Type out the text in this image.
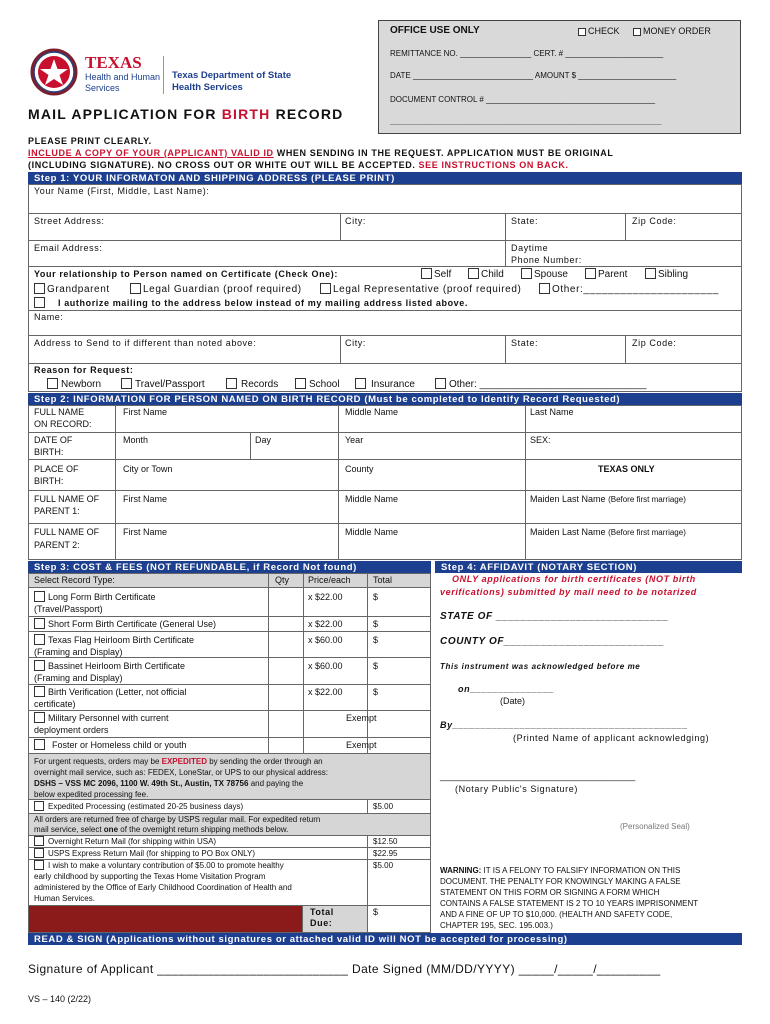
OFFICE USE ONLY	CHECK	MONEY ORDER
REMITTANCE NO. ________________ CERT. # ______________________
DATE ___________________________ AMOUNT $ ______________________
DOCUMENT CONTROL # ______________________________________
_____________________________________________________________
TEXAS
Health and Human
Services
Texas Department of State
Health Services
MAIL APPLICATION FOR BIRTH RECORD
PLEASE PRINT CLEARLY.
INCLUDE A COPY OF YOUR (APPLICANT) VALID ID WHEN SENDING IN THE REQUEST. APPLICATION MUST BE ORIGINAL
(INCLUDING SIGNATURE). NO CROSS OUT OR WHITE OUT WILL BE ACCEPTED. SEE INSTRUCTIONS ON BACK.
Step 1: YOUR INFORMATON AND SHIPPING ADDRESS (PLEASE PRINT)
Your Name (First, Middle, Last Name):
Street Address:	City:	State:	Zip Code:
Email Address:	Daytime
Phone Number:
Your relationship to Person named on Certificate (Check One):	Self	Child	Spouse	Parent	Sibling
Grandparent	Legal Guardian (proof required)	Legal Representative (proof required)	Other:______________________
I authorize mailing to the address below instead of my mailing address listed above.
Name:
Address to Send to if different than noted above:	City:	State:	Zip Code:
Reason for Request:
Newborn	Travel/Passport	Records	School	Insurance	Other: ______________________________
Step 2: INFORMATION FOR PERSON NAMED ON BIRTH RECORD (Must be completed to Identify Record Requested)
FULL NAME
ON RECORD:
First Name	Middle Name	Last Name
DATE OF
BIRTH:
Month	Day	Year	SEX:
PLACE OF
BIRTH:
City or Town	County	TEXAS ONLY
FULL NAME OF
PARENT 1:
First Name	Middle Name	Maiden Last Name (Before first marriage)
FULL NAME OF
PARENT 2:
First Name	Middle Name	Maiden Last Name (Before first marriage)
Step 3: COST & FEES (NOT REFUNDABLE, if Record Not found)
Select Record Type:	Qty Price/each Total
Long Form Birth Certificate
(Travel/Passport)
x $22.00	$
Short Form Birth Certificate (General Use)	x $22.00	$
Texas Flag Heirloom Birth Certificate
(Framing and Display)
x $60.00	$
Bassinet Heirloom Birth Certificate
(Framing and Display)
x $60.00	$
Birth Verification (Letter, not official
certificate)
x $22.00	$
Military Personnel with current
deployment orders
Exempt
Foster or Homeless child or youth	Exempt
For urgent requests, orders may be EXPEDITED by sending the order through an
overnight mail service, such as: FEDEX, LoneStar, or UPS to our physical address:
DSHS – VSS MC 2096, 1100 W. 49th St., Austin, TX 78756 and paying the
below expedited processing fee.
Expedited Processing (estimated 20-25 business days)	$5.00
All orders are returned free of charge by USPS regular mail. For expedited return
mail service, select one of the overnight return shipping methods below.
Overnight Return Mail (for shipping within USA)	$12.50
USPS Express Return Mail (for shipping to PO Box ONLY)	$22.95
I wish to make a voluntary contribution of $5.00 to promote healthy
early childhood by supporting the Texas Home Visitation Program
administered by the Office of Early Childhood Coordination of Health and
Human Services.
$5.00
Total
Due:
$
Step 4: AFFIDAVIT (NOTARY SECTION)
ONLY applications for birth certificates (NOT birth
verifications) submitted by mail need to be notarized
STATE OF ____________________________
COUNTY OF__________________________
This instrument was acknowledged before me
on_______________
(Date)
By__________________________________________
(Printed Name of applicant acknowledging)
_______________________________________
(Notary Public's Signature)
(Personalized Seal)
WARNING: IT IS A FELONY TO FALSIFY INFORMATION ON THIS
DOCUMENT. THE PENALTY FOR KNOWINGLY MAKING A FALSE
STATEMENT ON THIS FORM OR SIGNING A FORM WHICH
CONTAINS A FALSE STATEMENT IS 2 TO 10 YEARS IMPRISONMENT
AND A FINE OF UP TO $10,000. (HEALTH AND SAFETY CODE,
CHAPTER 195, SEC. 195.003.)
READ & SIGN (Applications without signatures or attached valid ID will NOT be accepted for processing)
Signature of Applicant ___________________________ Date Signed (MM/DD/YYYY) _____/_____/_________
VS – 140 (2/22)
